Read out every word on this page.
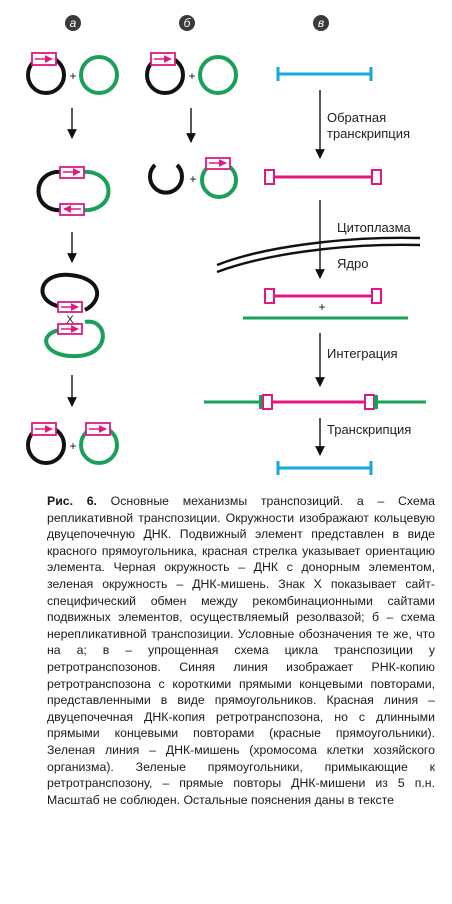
а	б	в
+
X
+
+
+
Обратная транскрипция
Цитоплазма
Ядро
+
Интеграция
Транскрипция
Рис. 6. Основные механизмы транспозиций. а – Схема репликативной транспозиции. Окружности изображают кольцевую двуцепочечную ДНК. Подвижный элемент представлен в виде красного прямоугольника, красная стрелка указывает ориентацию элемента. Черная окружность – ДНК с донорным элементом, зеленая окружность – ДНК-мишень. Знак Х показывает сайт-специфический обмен между рекомбинационными сайтами подвижных элементов, осуществляемый резолвазой; б – схема нерепликативной транспозиции. Условные обозначения те же, что на а; в – упрощенная схема цикла транспозиции у ретротранспозонов. Синяя линия изображает РНК-копию ретротранспозона с короткими прямыми концевыми повторами, представленными в виде прямоугольников. Красная линия – двуцепочечная ДНК-копия ретротранспозона, но с длинными прямыми концевыми повторами (красные прямоугольники). Зеленая линия – ДНК-мишень (хромосома клетки хозяйского организма). Зеленые прямоугольники, примыкающие к ретротранспозону, – прямые повторы ДНК-мишени из 5 п.н. Масштаб не соблюден. Остальные пояснения даны в тексте
